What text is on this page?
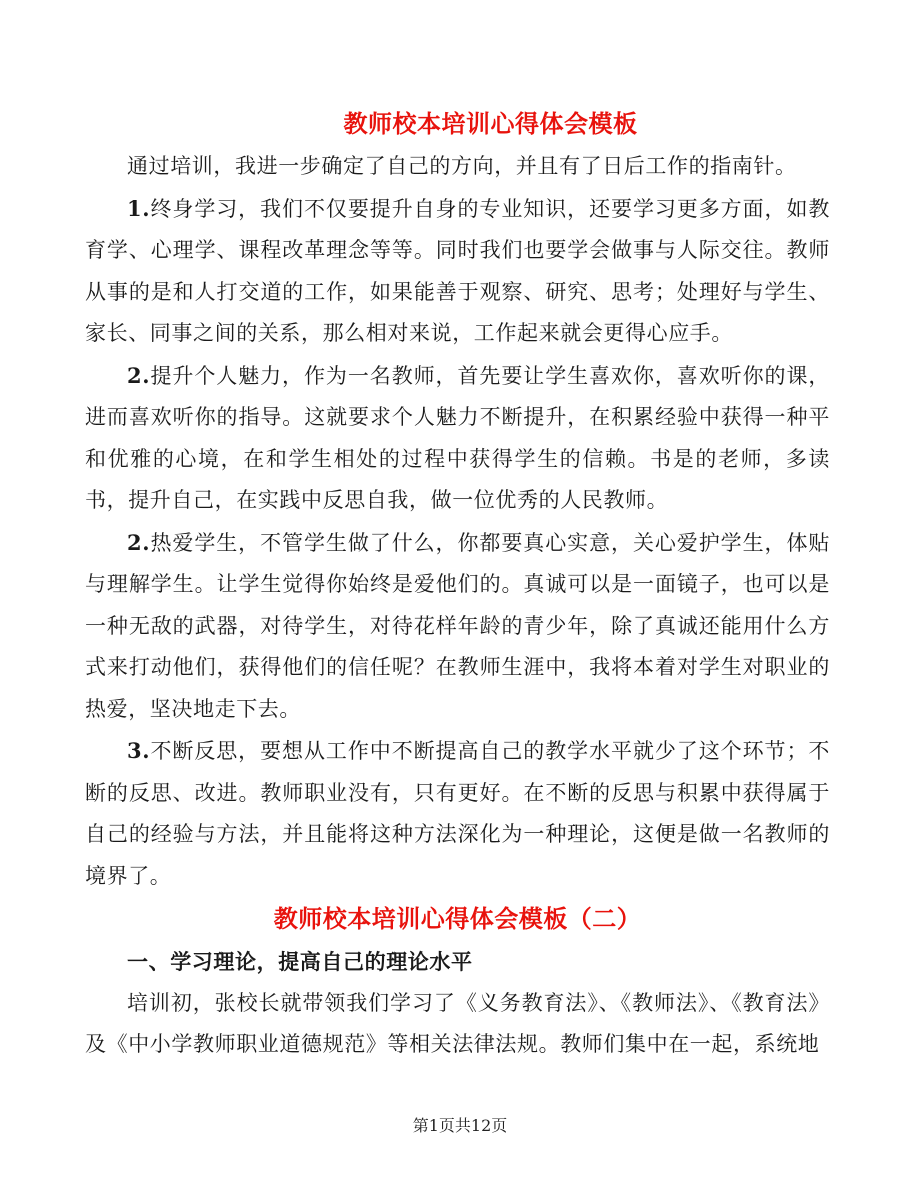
教师校本培训心得体会模板

通过培训，我进一步确定了自己的方向，并且有了日后工作的指南针。

1.终身学习，我们不仅要提升自身的专业知识，还要学习更多方面，如教育学、心理学、课程改革理念等等。同时我们也要学会做事与人际交往。教师从事的是和人打交道的工作，如果能善于观察、研究、思考；处理好与学生、家长、同事之间的关系，那么相对来说，工作起来就会更得心应手。

2.提升个人魅力，作为一名教师，首先要让学生喜欢你，喜欢听你的课，进而喜欢听你的指导。这就要求个人魅力不断提升，在积累经验中获得一种平和优雅的心境，在和学生相处的过程中获得学生的信赖。书是的老师，多读书，提升自己，在实践中反思自我，做一位优秀的人民教师。

2.热爱学生，不管学生做了什么，你都要真心实意，关心爱护学生，体贴与理解学生。让学生觉得你始终是爱他们的。真诚可以是一面镜子，也可以是一种无敌的武器，对待学生，对待花样年龄的青少年，除了真诚还能用什么方式来打动他们，获得他们的信任呢？在教师生涯中，我将本着对学生对职业的热爱，坚决地走下去。

3.不断反思，要想从工作中不断提高自己的教学水平就少了这个环节；不断的反思、改进。教师职业没有，只有更好。在不断的反思与积累中获得属于自己的经验与方法，并且能将这种方法深化为一种理论，这便是做一名教师的境界了。

教师校本培训心得体会模板（二）

一、学习理论，提高自己的理论水平

培训初，张校长就带领我们学习了《义务教育法》、《教师法》、《教育法》及《中小学教师职业道德规范》等相关法律法规。教师们集中在一起，系统地

第1页共12页
